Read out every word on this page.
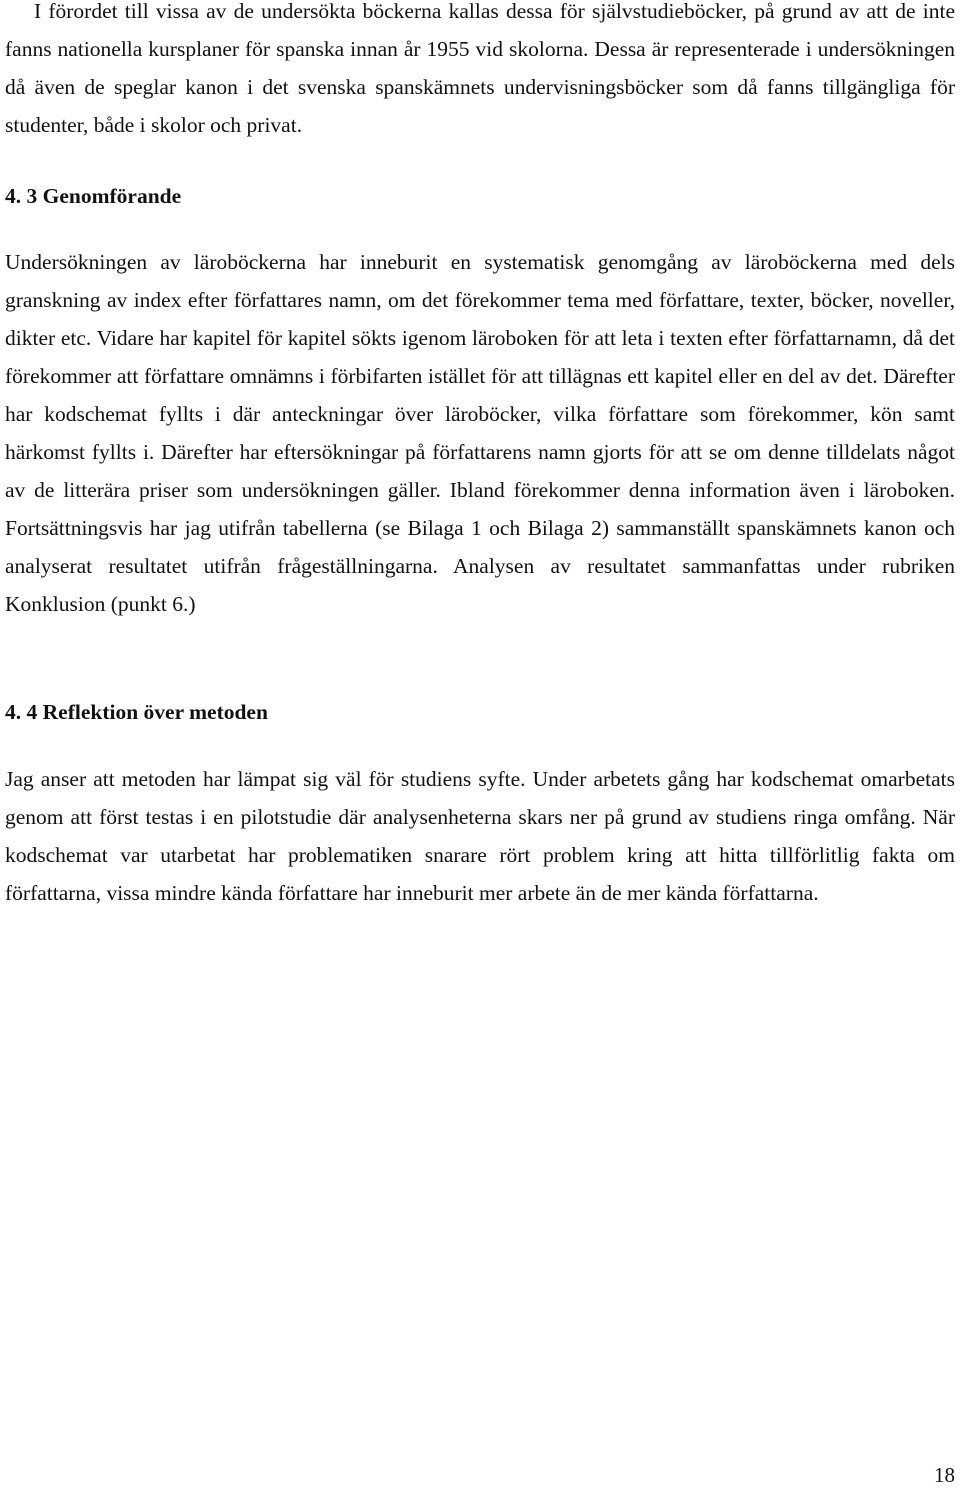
I förordet till vissa av de undersökta böckerna kallas dessa för självstudieböcker, på grund av att de inte fanns nationella kursplaner för spanska innan år 1955 vid skolorna. Dessa är representerade i undersökningen då även de speglar kanon i det svenska spanskämnets undervisningsböcker som då fanns tillgängliga för studenter, både i skolor och privat.

4. 3 Genomförande

Undersökningen av läroböckerna har inneburit en systematisk genomgång av läroböckerna med dels granskning av index efter författares namn, om det förekommer tema med författare, texter, böcker, noveller, dikter etc. Vidare har kapitel för kapitel sökts igenom läroboken för att leta i texten efter författarnamn, då det förekommer att författare omnämns i förbifarten istället för att tillägnas ett kapitel eller en del av det. Därefter har kodschemat fyllts i där anteckningar över läroböcker, vilka författare som förekommer, kön samt härkomst fyllts i. Därefter har eftersökningar på författarens namn gjorts för att se om denne tilldelats något av de litterära priser som undersökningen gäller. Ibland förekommer denna information även i läroboken. Fortsättningsvis har jag utifrån tabellerna (se Bilaga 1 och Bilaga 2) sammanställt spanskämnets kanon och analyserat resultatet utifrån frågeställningarna. Analysen av resultatet sammanfattas under rubriken Konklusion (punkt 6.)

4. 4 Reflektion över metoden

Jag anser att metoden har lämpat sig väl för studiens syfte. Under arbetets gång har kodschemat omarbetats genom att först testas i en pilotstudie där analysenheterna skars ner på grund av studiens ringa omfång. När kodschemat var utarbetat har problematiken snarare rört problem kring att hitta tillförlitlig fakta om författarna, vissa mindre kända författare har inneburit mer arbete än de mer kända författarna.

18
